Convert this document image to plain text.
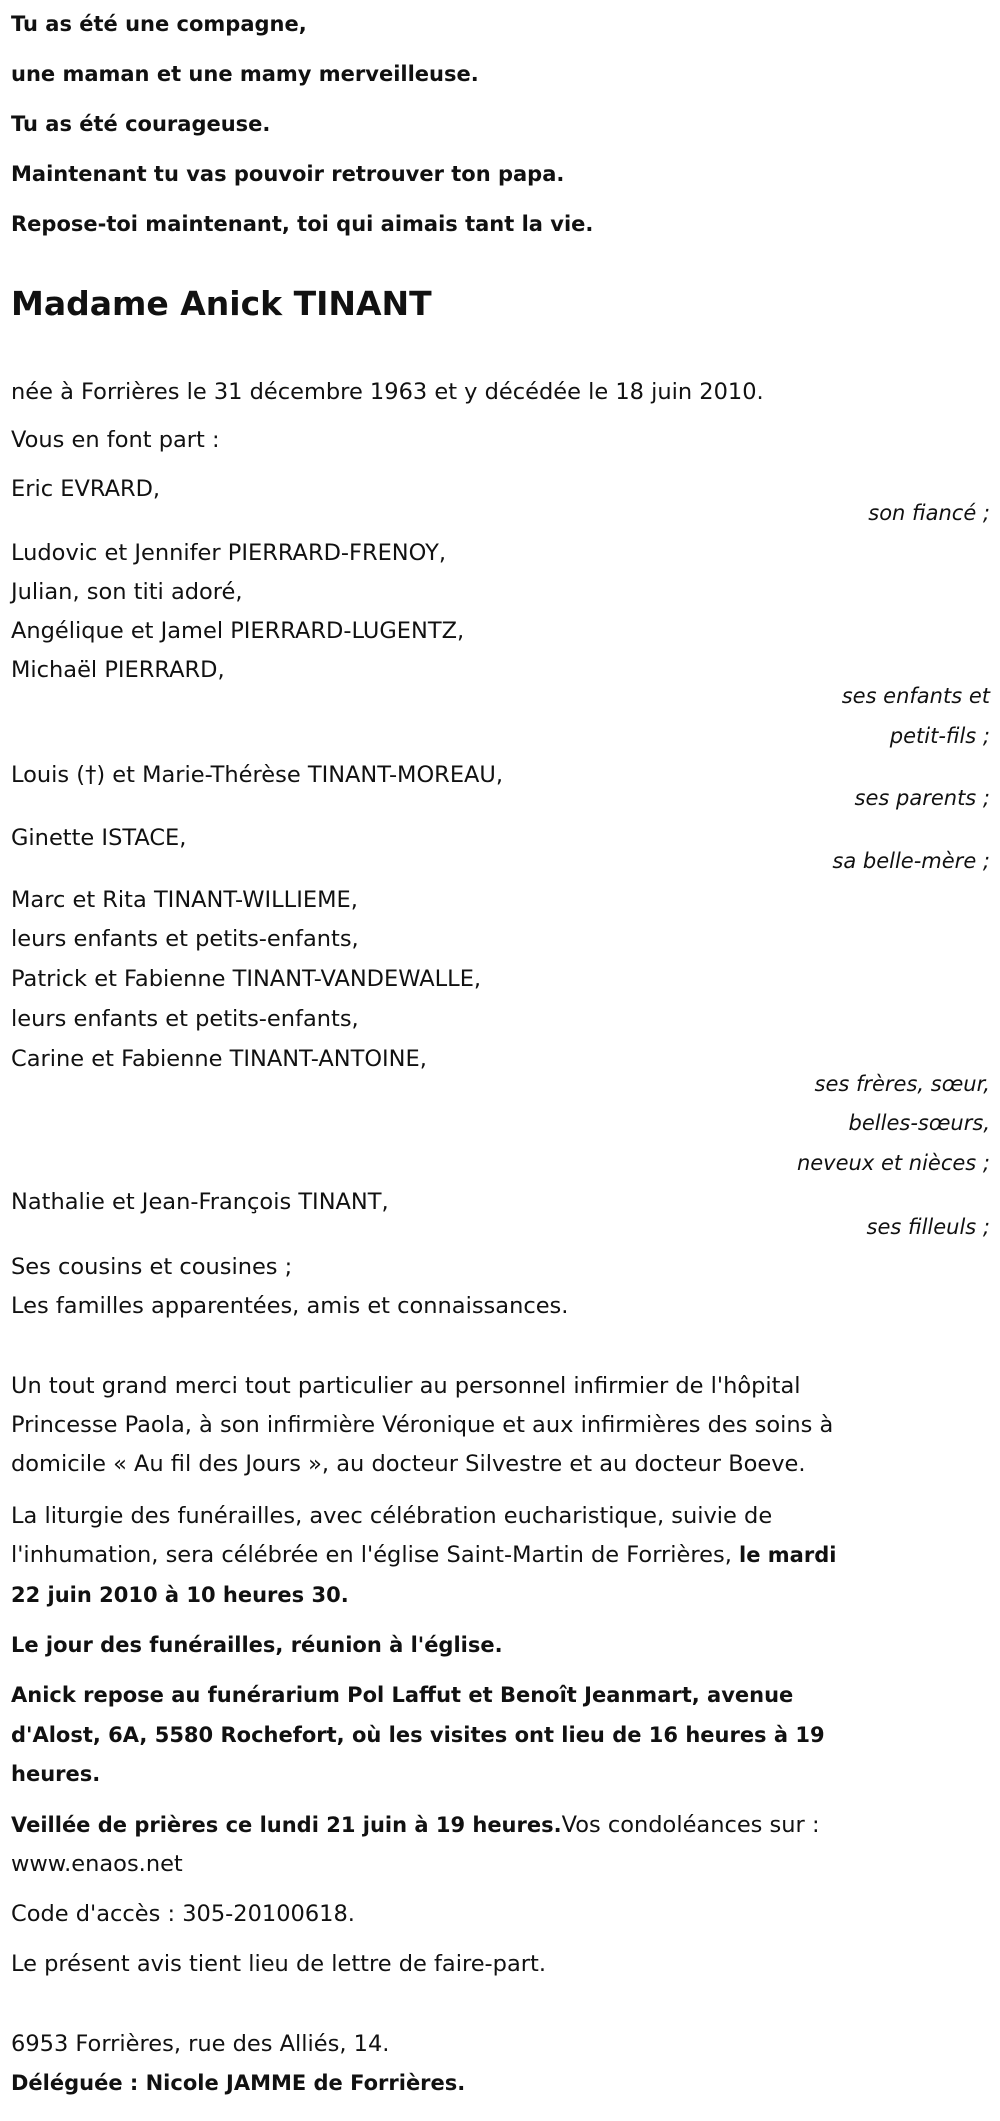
Tu as été une compagne,
une maman et une mamy merveilleuse.
Tu as été courageuse.
Maintenant tu vas pouvoir retrouver ton papa.
Repose-toi maintenant, toi qui aimais tant la vie.
Madame Anick TINANT
née à Forrières le 31 décembre 1963 et y décédée le 18 juin 2010.
Vous en font part :
Eric EVRARD,
son fiancé ;
Ludovic et Jennifer PIERRARD-FRENOY,
Julian, son titi adoré,
Angélique et Jamel PIERRARD-LUGENTZ,
Michaël PIERRARD,
ses enfants et
petit-fils ;
Louis (†) et Marie-Thérèse TINANT-MOREAU,
ses parents ;
Ginette ISTACE,
sa belle-mère ;
Marc et Rita TINANT-WILLIEME,
leurs enfants et petits-enfants,
Patrick et Fabienne TINANT-VANDEWALLE,
leurs enfants et petits-enfants,
Carine et Fabienne TINANT-ANTOINE,
ses frères, sœur,
belles-sœurs,
neveux et nièces ;
Nathalie et Jean-François TINANT,
ses filleuls ;
Ses cousins et cousines ;
Les familles apparentées, amis et connaissances.
Un tout grand merci tout particulier au personnel infirmier de l'hôpital
Princesse Paola, à son infirmière Véronique et aux infirmières des soins à
domicile « Au fil des Jours », au docteur Silvestre et au docteur Boeve.
La liturgie des funérailles, avec célébration eucharistique, suivie de
l'inhumation, sera célébrée en l'église Saint-Martin de Forrières, le mardi
22 juin 2010 à 10 heures 30.
Le jour des funérailles, réunion à l'église.
Anick repose au funérarium Pol Laffut et Benoît Jeanmart, avenue
d'Alost, 6A, 5580 Rochefort, où les visites ont lieu de 16 heures à 19
heures.
Veillée de prières ce lundi 21 juin à 19 heures.Vos condoléances sur :
www.enaos.net
Code d'accès : 305-20100618.
Le présent avis tient lieu de lettre de faire-part.
6953 Forrières, rue des Alliés, 14.
Déléguée : Nicole JAMME de Forrières.
